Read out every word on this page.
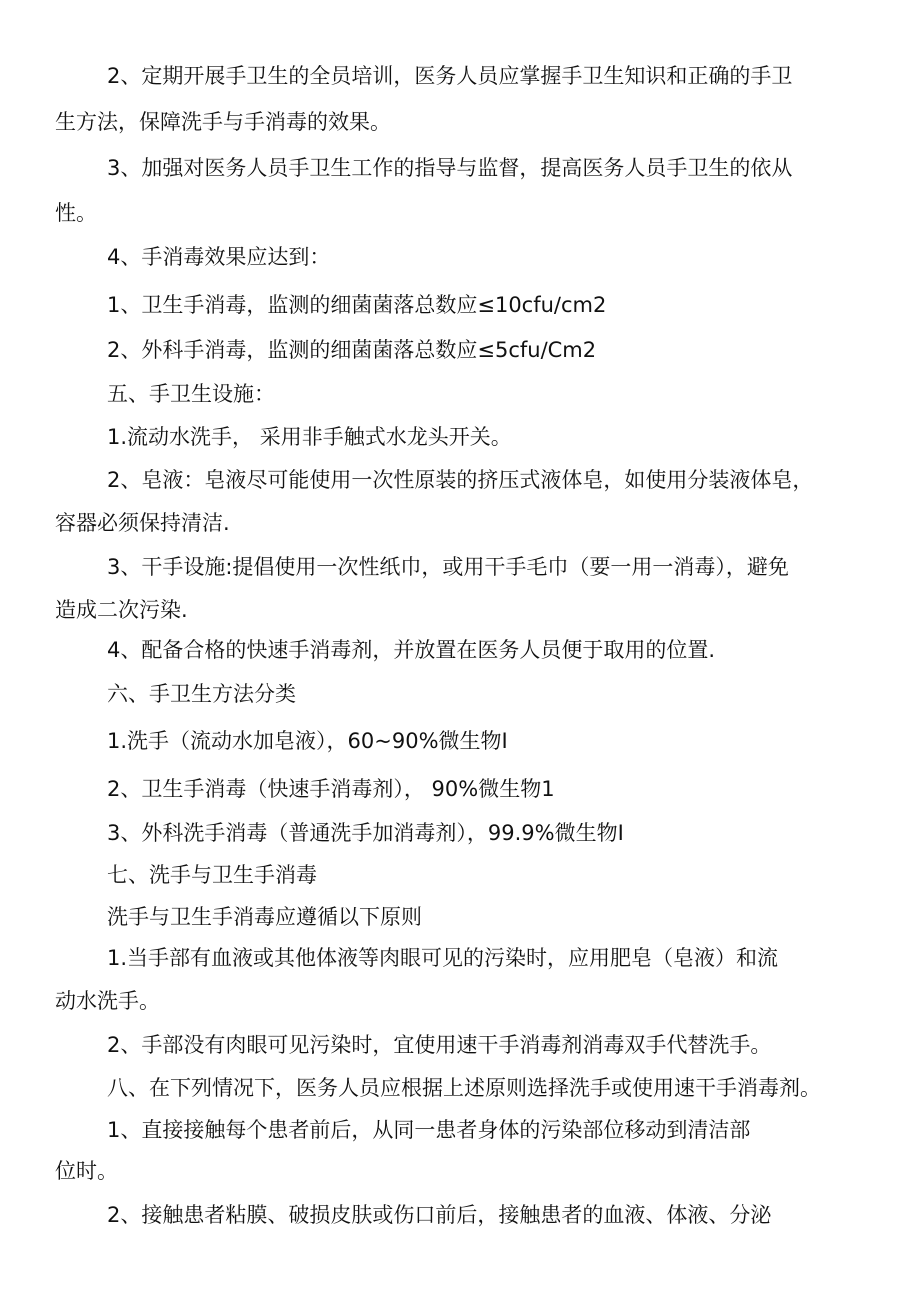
2、定期开展手卫生的全员培训，医务人员应掌握手卫生知识和正确的手卫
生方法，保障洗手与手消毒的效果。
3、加强对医务人员手卫生工作的指导与监督，提高医务人员手卫生的依从
性。
4、手消毒效果应达到：
1、卫生手消毒，监测的细菌菌落总数应≤10cfu∕cm2
2、外科手消毒，监测的细菌菌落总数应≤5cfu∕Cm2
五、手卫生设施：
1.流动水洗手， 采用非手触式水龙头开关。
2、皂液：皂液尽可能使用一次性原装的挤压式液体皂，如使用分装液体皂，
容器必须保持清洁.
3、干手设施:提倡使用一次性纸巾，或用干手毛巾（要一用一消毒），避免
造成二次污染.
4、配备合格的快速手消毒剂，并放置在医务人员便于取用的位置.
六、手卫生方法分类
1.洗手（流动水加皂液），60~90%微生物I
2、卫生手消毒（快速手消毒剂）， 90%微生物1
3、外科洗手消毒（普通洗手加消毒剂），99.9%微生物I
七、洗手与卫生手消毒
洗手与卫生手消毒应遵循以下原则
1.当手部有血液或其他体液等肉眼可见的污染时，应用肥皂（皂液）和流
动水洗手。
2、手部没有肉眼可见污染时，宜使用速干手消毒剂消毒双手代替洗手。
八、在下列情况下，医务人员应根据上述原则选择洗手或使用速干手消毒剂。
1、直接接触每个患者前后，从同一患者身体的污染部位移动到清洁部
位时。
2、接触患者粘膜、破损皮肤或伤口前后，接触患者的血液、体液、分泌
